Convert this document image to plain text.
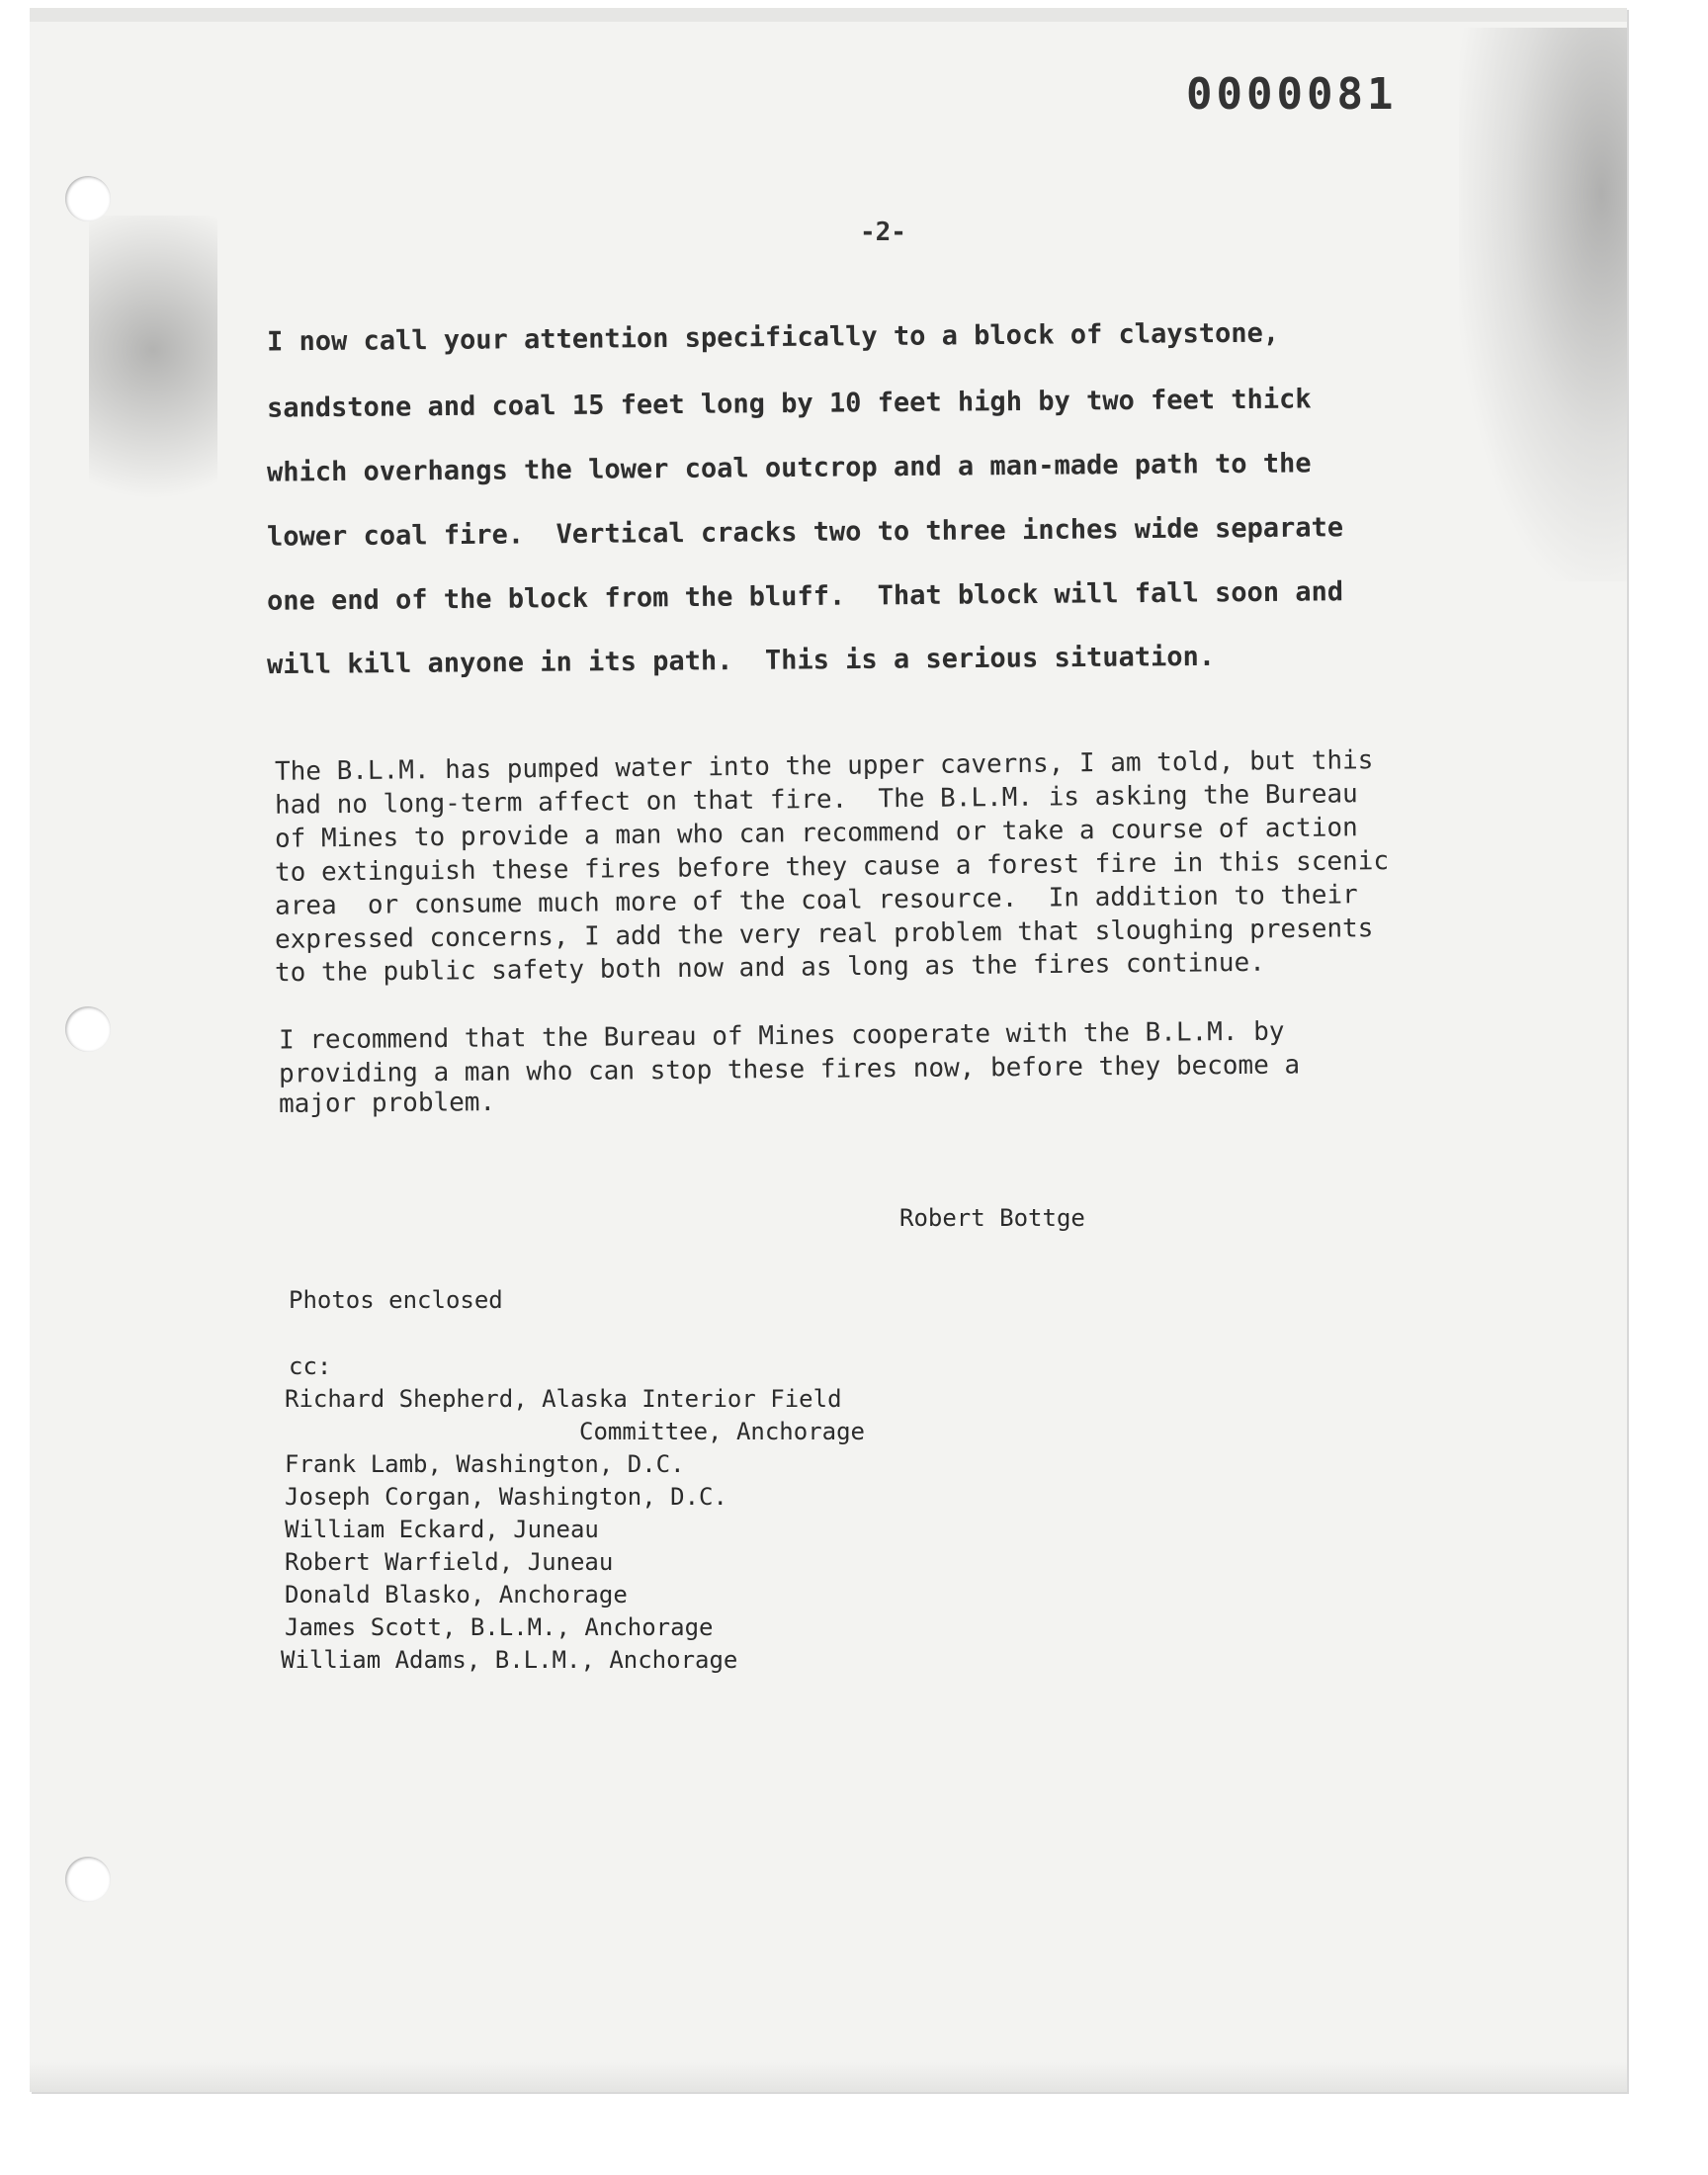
0000081
-2-
I now call your attention specifically to a block of claystone,
sandstone and coal 15 feet long by 10 feet high by two feet thick
which overhangs the lower coal outcrop and a man-made path to the
lower coal fire.  Vertical cracks two to three inches wide separate
one end of the block from the bluff.  That block will fall soon and
will kill anyone in its path.  This is a serious situation.
The B.L.M. has pumped water into the upper caverns, I am told, but this
had no long-term affect on that fire.  The B.L.M. is asking the Bureau
of Mines to provide a man who can recommend or take a course of action
to extinguish these fires before they cause a forest fire in this scenic
area  or consume much more of the coal resource.  In addition to their
expressed concerns, I add the very real problem that sloughing presents
to the public safety both now and as long as the fires continue.
I recommend that the Bureau of Mines cooperate with the B.L.M. by
providing a man who can stop these fires now, before they become a
major problem.
Robert Bottge
Photos enclosed
cc:
Richard Shepherd, Alaska Interior Field
Committee, Anchorage
Frank Lamb, Washington, D.C.
Joseph Corgan, Washington, D.C.
William Eckard, Juneau
Robert Warfield, Juneau
Donald Blasko, Anchorage
James Scott, B.L.M., Anchorage
William Adams, B.L.M., Anchorage
